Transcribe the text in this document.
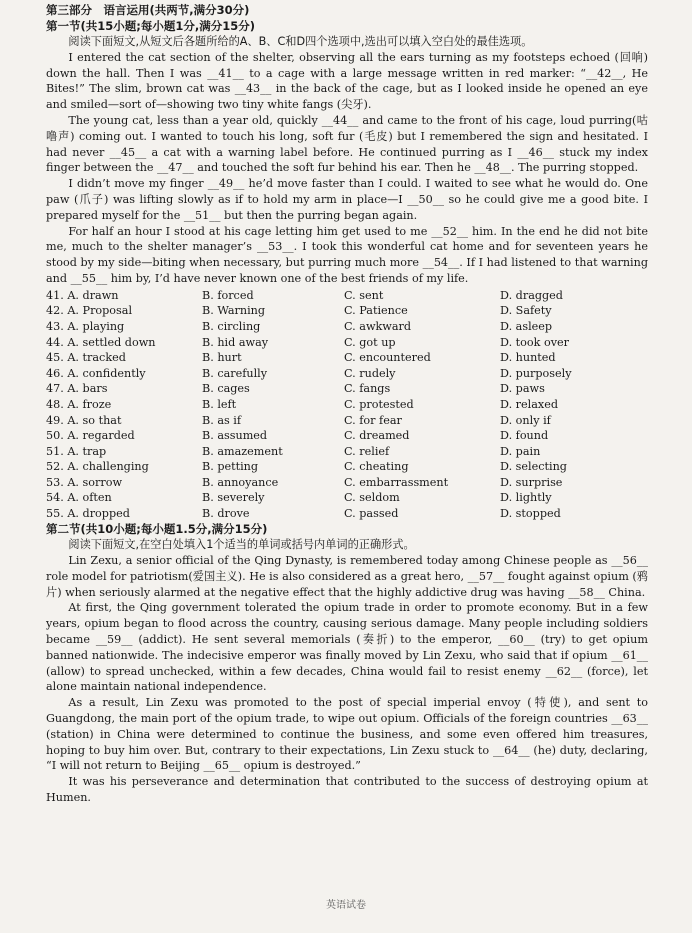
第三部分　语言运用(共两节,满分30分)
第一节(共15小题;每小题1分,满分15分)

阅读下面短文,从短文后各题所给的A、B、C和D四个选项中,选出可以填入空白处的最佳选项。

I entered the cat section of the shelter, observing all the ears turning as my footsteps echoed (回响) down the hall. Then I was __41__ to a cage with a large message written in red marker: “__42__, He Bites!” The slim, brown cat was __43__ in the back of the cage, but as I looked inside he opened an eye and smiled—sort of—showing two tiny white fangs (尖牙).

The young cat, less than a year old, quickly __44__ and came to the front of his cage, loud purring(咕噜声) coming out. I wanted to touch his long, soft fur (毛皮) but I remembered the sign and hesitated. I had never __45__ a cat with a warning label before. He continued purring as I __46__ stuck my index finger between the __47__ and touched the soft fur behind his ear. Then he __48__. The purring stopped.

I didn’t move my finger __49__ he’d move faster than I could. I waited to see what he would do. One paw (爪子) was lifting slowly as if to hold my arm in place—I __50__ so he could give me a good bite. I prepared myself for the __51__ but then the purring began again.

For half an hour I stood at his cage letting him get used to me __52__ him. In the end he did not bite me, much to the shelter manager’s __53__. I took this wonderful cat home and for seventeen years he stood by my side—biting when necessary, but purring much more __54__. If I had listened to that warning and __55__ him by, I’d have never known one of the best friends of my life.

41. A. drawn	B. forced	C. sent	D. dragged
42. A. Proposal	B. Warning	C. Patience	D. Safety
43. A. playing	B. circling	C. awkward	D. asleep
44. A. settled down	B. hid away	C. got up	D. took over
45. A. tracked	B. hurt	C. encountered	D. hunted
46. A. confidently	B. carefully	C. rudely	D. purposely
47. A. bars	B. cages	C. fangs	D. paws
48. A. froze	B. left	C. protested	D. relaxed
49. A. so that	B. as if	C. for fear	D. only if
50. A. regarded	B. assumed	C. dreamed	D. found
51. A. trap	B. amazement	C. relief	D. pain
52. A. challenging	B. petting	C. cheating	D. selecting
53. A. sorrow	B. annoyance	C. embarrassment	D. surprise
54. A. often	B. severely	C. seldom	D. lightly
55. A. dropped	B. drove	C. passed	D. stopped
第二节(共10小题;每小题1.5分,满分15分)

阅读下面短文,在空白处填入1个适当的单词或括号内单词的正确形式。

Lin Zexu, a senior official of the Qing Dynasty, is remembered today among Chinese people as __56__ role model for patriotism(爱国主义). He is also considered as a great hero, __57__ fought against opium (鸦片) when seriously alarmed at the negative effect that the highly addictive drug was having __58__ China.

At first, the Qing government tolerated the opium trade in order to promote economy. But in a few years, opium began to flood across the country, causing serious damage. Many people including soldiers became __59__ (addict). He sent several memorials (奏折) to the emperor, __60__ (try) to get opium banned nationwide. The indecisive emperor was finally moved by Lin Zexu, who said that if opium __61__ (allow) to spread unchecked, within a few decades, China would fail to resist enemy __62__ (force), let alone maintain national independence.

As a result, Lin Zexu was promoted to the post of special imperial envoy (特使), and sent to Guangdong, the main port of the opium trade, to wipe out opium. Officials of the foreign countries __63__ (station) in China were determined to continue the business, and some even offered him treasures, hoping to buy him over. But, contrary to their expectations, Lin Zexu stuck to __64__ (he) duty, declaring, “I will not return to Beijing __65__ opium is destroyed.”

It was his perseverance and determination that contributed to the success of destroying opium at Humen.

英语试卷
